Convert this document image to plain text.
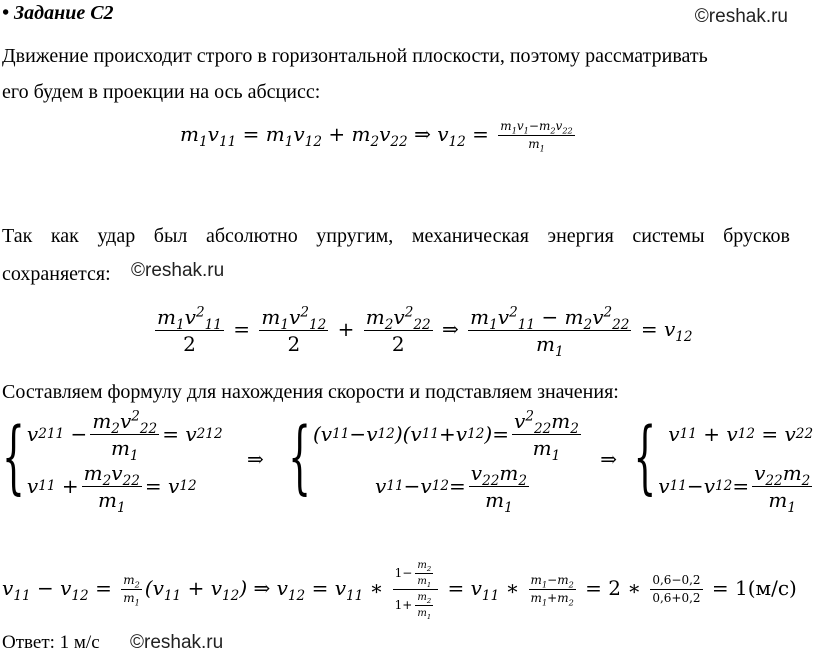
• Задание С2	©reshak.ru
Движение происходит строго в горизонтальной плоскости, поэтому рассматривать
его будем в проекции на ось абсцисс:
$m_1v_{11} = m_1v_{12} + m_2v_{22}$ ⇒ $v_{12} = \frac{m_1v_1-m_2v_{22}}{m_1}$
Так как удар был абсолютно упругим, механическая энергия системы брусков
сохраняется: ©reshak.ru
$\frac{m_1v^2_{11}}{2} = \frac{m_1v^2_{12}}{2} + \frac{m_2v^2_{22}}{2}$ ⇒ $\frac{m_1v^2_{11} - m_2v^2_{22}}{m_1} = v_{12}$
Составляем формулу для нахождения скорости и подставляем значения:
{ v 2 $11 - \frac{m_2v^2_{22}}{m_1} = v$ 2 12
v $11 + \frac{m_2v_{22}}{m_1} = v$ 12
⇒ { (v 11 − v 12 )(v 11 + v 12 ) = $\frac{v^2_{22}m_2}{m_1}$
v 11 − v $12 = \frac{v_{22}m_2}{m_1}$
⇒ { v 11 + v 12 = v 22
v 11 − v $12 = \frac{v_{22}m_2}{m_1}$
$v_{11} - v_{12} = \frac{m_2}{m_1} (v_{11} + v_{12})$ ⇒ $v_{12} = v_{11}$ ∗ $\frac{1- \frac{m_2}{m_1}}{1+ \frac{m_2}{m_1}} = v_{11}$ ∗ $\frac{m_1-m_2}{m_1+m_2} = 2$ ∗ $\frac{0,6-0,2}{0,6+0,2} = 1(м/с)$
Ответ: 1 м/с ©reshak.ru
